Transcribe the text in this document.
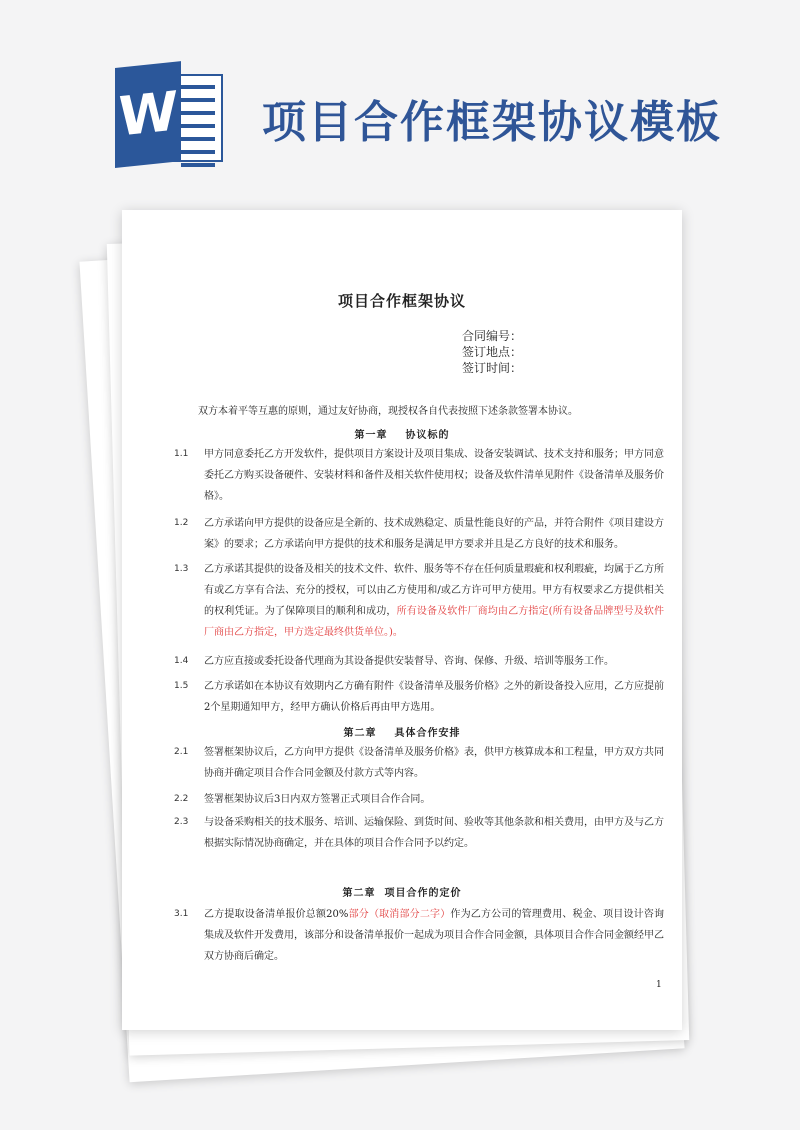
W 项目合作框架协议模板
项目合作框架协议
合同编号：
签订地点：
签订时间：
双方本着平等互惠的原则，通过友好协商，现授权各自代表按照下述条款签署本协议。
第一章    协议标的
1.1 甲方同意委托乙方开发软件，提供项目方案设计及项目集成、设备安装调试、技术支持和服务；甲方同意委托乙方购买设备硬件、安装材料和备件及相关软件使用权；设备及软件清单见附件《设备清单及服务价格》。
1.2 乙方承诺向甲方提供的设备应是全新的、技术成熟稳定、质量性能良好的产品，并符合附件《项目建设方案》的要求；乙方承诺向甲方提供的技术和服务是满足甲方要求并且是乙方良好的技术和服务。
1.3 乙方承诺其提供的设备及相关的技术文件、软件、服务等不存在任何质量瑕疵和权利瑕疵，均属于乙方所有或乙方享有合法、充分的授权，可以由乙方使用和/或乙方许可甲方使用。甲方有权要求乙方提供相关的权利凭证。为了保障项目的顺利和成功，所有设备及软件厂商均由乙方指定(所有设备品牌型号及软件厂商由乙方指定，甲方选定最终供货单位。)。
1.4 乙方应直接或委托设备代理商为其设备提供安装督导、咨询、保修、升级、培训等服务工作。
1.5 乙方承诺如在本协议有效期内乙方确有附件《设备清单及服务价格》之外的新设备投入应用，乙方应提前2个星期通知甲方，经甲方确认价格后再由甲方选用。
第二章    具体合作安排
2.1 签署框架协议后，乙方向甲方提供《设备清单及服务价格》表，供甲方核算成本和工程量，甲方双方共同协商并确定项目合作合同金额及付款方式等内容。
2.2 签署框架协议后3日内双方签署正式项目合作合同。
2.3 与设备采购相关的技术服务、培训、运输保险、到货时间、验收等其他条款和相关费用，由甲方及与乙方根据实际情况协商确定，并在具体的项目合作合同予以约定。
第二章  项目合作的定价
3.1 乙方提取设备清单报价总额20%部分（取消部分二字）作为乙方公司的管理费用、税金、项目设计咨询集成及软件开发费用，该部分和设备清单报价一起成为项目合作合同金额，具体项目合作合同金额经甲乙双方协商后确定。
1
